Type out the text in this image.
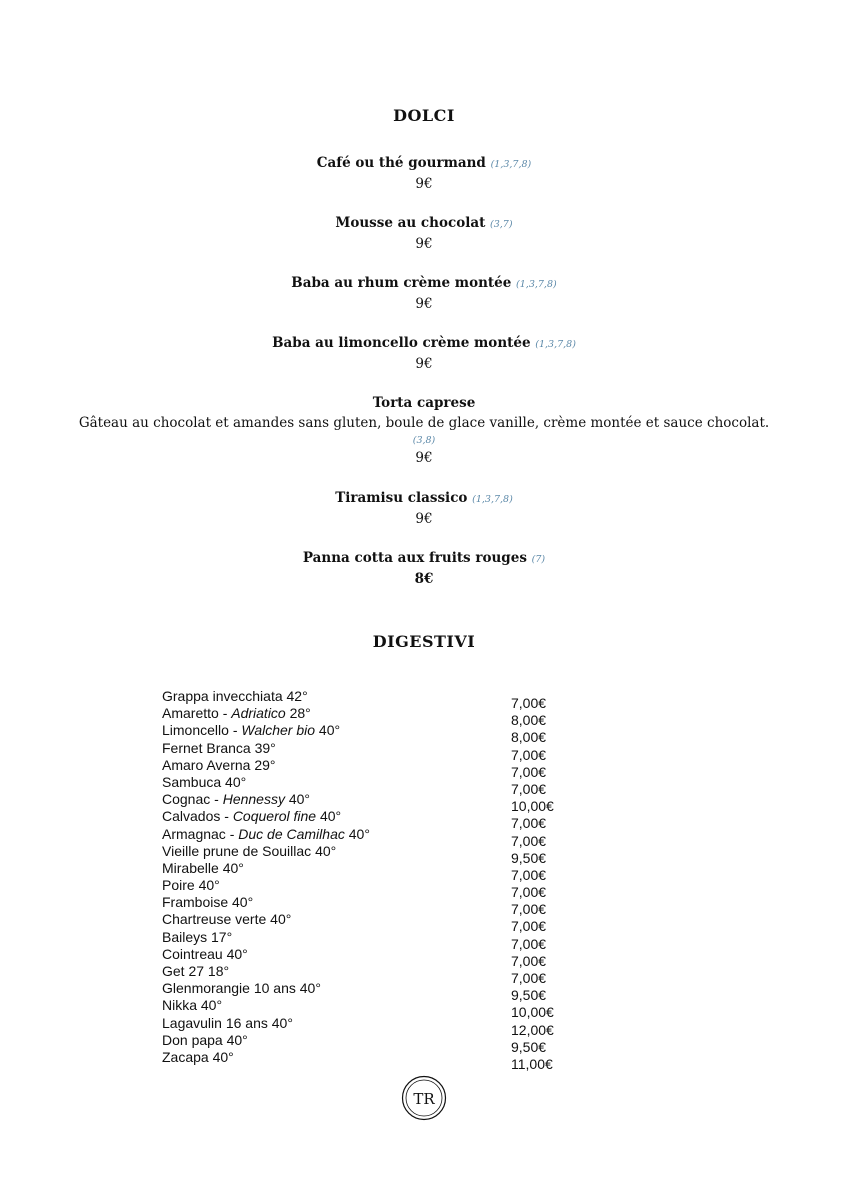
DOLCI
Café ou thé gourmand (1,3,7,8)
9€
Mousse au chocolat (3,7)
9€
Baba au rhum crème montée (1,3,7,8)
9€
Baba au limoncello crème montée (1,3,7,8)
9€
Torta caprese
Gâteau au chocolat et amandes sans gluten, boule de glace vanille, crème montée et sauce chocolat.
(3,8)
9€
Tiramisu classico (1,3,7,8)
9€
Panna cotta aux fruits rouges (7)
8€
DIGESTIVI
Grappa invecchiata 42°	7,00€
Amaretto - Adriatico 28°	8,00€
Limoncello - Walcher bio 40°	8,00€
Fernet Branca 39°	7,00€
Amaro Averna 29°	7,00€
Sambuca 40°	7,00€
Cognac - Hennessy 40°	10,00€
Calvados - Coquerol fine 40°	7,00€
Armagnac - Duc de Camilhac 40°	7,00€
Vieille prune de Souillac 40°	9,50€
Mirabelle 40°	7,00€
Poire 40°	7,00€
Framboise 40°	7,00€
Chartreuse verte 40°	7,00€
Baileys 17°	7,00€
Cointreau 40°	7,00€
Get 27 18°	7,00€
Glenmorangie 10 ans 40°	9,50€
Nikka 40°	10,00€
Lagavulin 16 ans 40°	12,00€
Don papa 40°	9,50€
Zacapa 40°	11,00€
TR
